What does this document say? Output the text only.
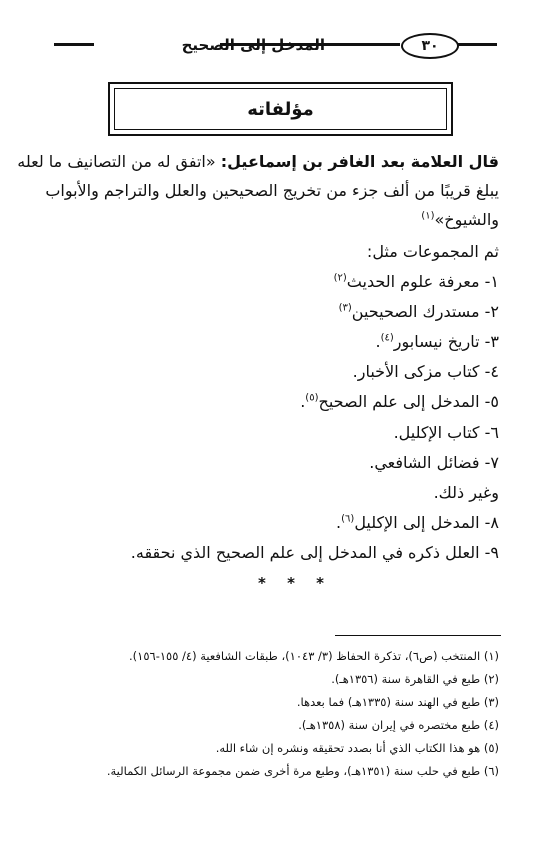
٣٠
المدخل إلى الصحيح
مؤلفاته
قال العلامة بعد الغافر بن إسماعيل: «اتفق له من التصانيف ما لعله
يبلغ قريبًا من ألف جزء من تخريج الصحيحين والعلل والتراجم والأبواب
والشيوخ»$^{(١)}$
ثم المجموعات مثل:
١- معرفة علوم الحديث$^{(٢)}$
٢- مستدرك الصحيحين$^{(٣)}$
٣- تاريخ نيسابور$^{(٤)}$.
٤- كتاب مزكى الأخبار.
٥- المدخل إلى علم الصحيح$^{(٥)}$.
٦- كتاب الإكليل.
٧- فضائل الشافعي.
وغير ذلك.
٨- المدخل إلى الإكليل$^{(٦)}$.
٩- العلل ذكره في المدخل إلى علم الصحيح الذي نحققه.
* * *
(١) المنتخب (ص٦)، تذكرة الحفاظ (٣/ ١٠٤٣)، طبقات الشافعية (٤/ ١٥٥-١٥٦).
(٢) طبع في القاهرة سنة (١٣٥٦هـ).
(٣) طبع في الهند سنة (١٣٣٥هـ) فما بعدها.
(٤) طبع مختصره في إيران سنة (١٣٥٨هـ).
(٥) هو هذا الكتاب الذي أنا بصدد تحقيقه ونشره إن شاء الله.
(٦) طبع في حلب سنة (١٣٥١هـ)، وطبع مرة أخرى ضمن مجموعة الرسائل الكمالية.
